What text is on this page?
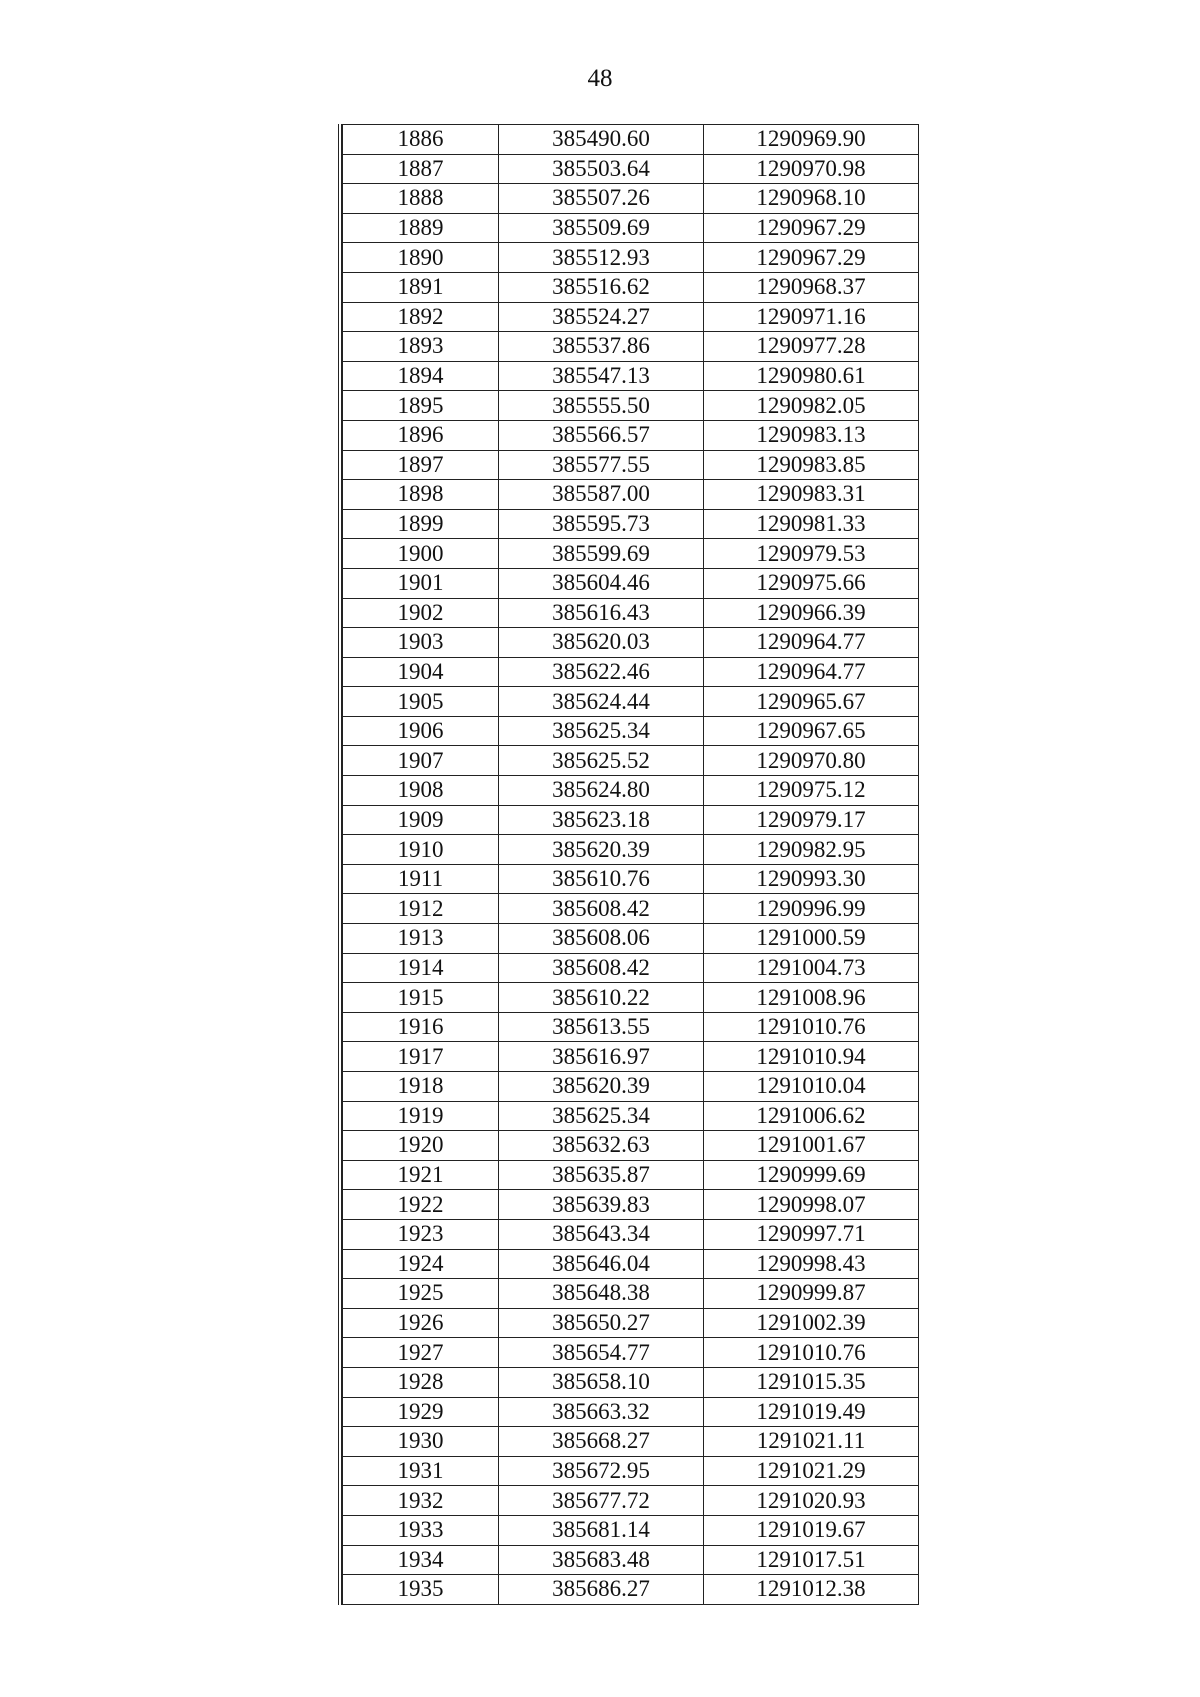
48
1886	385490.60	1290969.90
1887	385503.64	1290970.98
1888	385507.26	1290968.10
1889	385509.69	1290967.29
1890	385512.93	1290967.29
1891	385516.62	1290968.37
1892	385524.27	1290971.16
1893	385537.86	1290977.28
1894	385547.13	1290980.61
1895	385555.50	1290982.05
1896	385566.57	1290983.13
1897	385577.55	1290983.85
1898	385587.00	1290983.31
1899	385595.73	1290981.33
1900	385599.69	1290979.53
1901	385604.46	1290975.66
1902	385616.43	1290966.39
1903	385620.03	1290964.77
1904	385622.46	1290964.77
1905	385624.44	1290965.67
1906	385625.34	1290967.65
1907	385625.52	1290970.80
1908	385624.80	1290975.12
1909	385623.18	1290979.17
1910	385620.39	1290982.95
1911	385610.76	1290993.30
1912	385608.42	1290996.99
1913	385608.06	1291000.59
1914	385608.42	1291004.73
1915	385610.22	1291008.96
1916	385613.55	1291010.76
1917	385616.97	1291010.94
1918	385620.39	1291010.04
1919	385625.34	1291006.62
1920	385632.63	1291001.67
1921	385635.87	1290999.69
1922	385639.83	1290998.07
1923	385643.34	1290997.71
1924	385646.04	1290998.43
1925	385648.38	1290999.87
1926	385650.27	1291002.39
1927	385654.77	1291010.76
1928	385658.10	1291015.35
1929	385663.32	1291019.49
1930	385668.27	1291021.11
1931	385672.95	1291021.29
1932	385677.72	1291020.93
1933	385681.14	1291019.67
1934	385683.48	1291017.51
1935	385686.27	1291012.38
